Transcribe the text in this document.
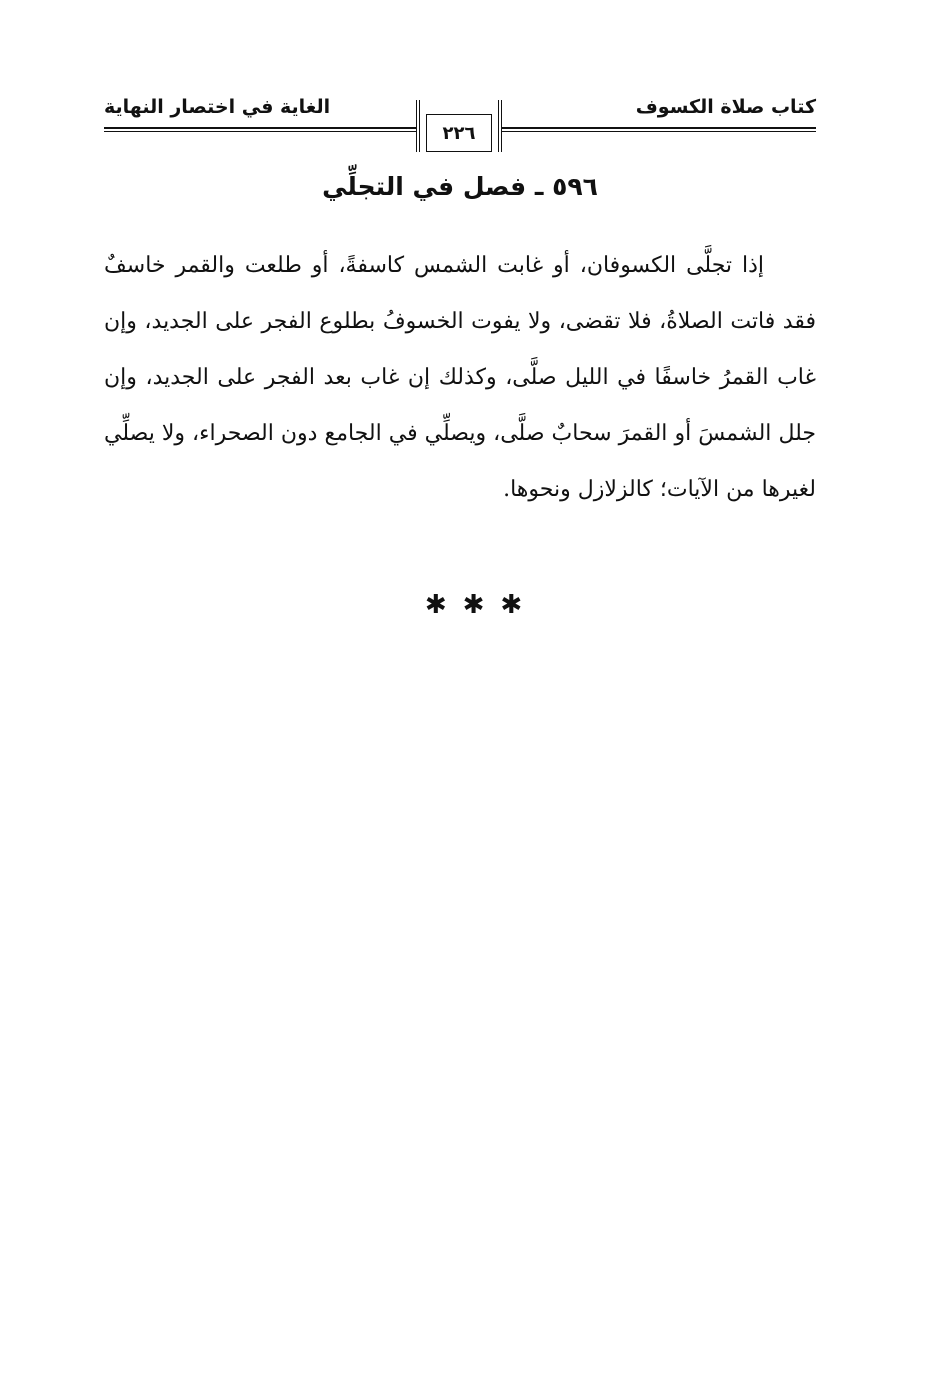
كتاب صلاة الكسوف
الغاية في اختصار النهاية
٢٢٦
٥٩٦ ـ فصل في التجلِّي

إذا تجلَّى الكسوفان، أو غابت الشمس كاسفةً، أو طلعت والقمر خاسفٌ فقد فاتت الصلاةُ، فلا تقضى، ولا يفوت الخسوفُ بطلوع الفجر على الجديد، وإن غاب القمرُ خاسفًا في الليل صلَّى، وكذلك إن غاب بعد الفجر على الجديد، وإن جلل الشمسَ أو القمرَ سحابٌ صلَّى، ويصلِّي في الجامع دون الصحراء، ولا يصلِّي لغيرها من الآيات؛ كالزلازل ونحوها.

✱✱✱
